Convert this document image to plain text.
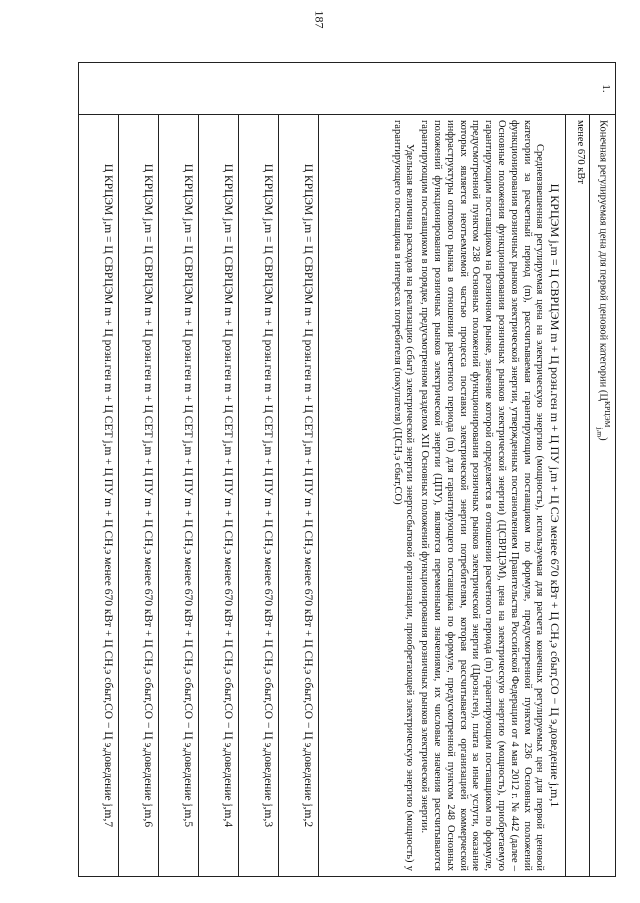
187
1.	Конечная регулируемая цена для первой ценовой категории $(Ц^{КРЦЭМ}_{j,m})$
менее 670 кВт

Ц КРЦЭМ j,m = Ц СВРЦЭМ m + Ц розн.ген m + Ц ПУ j,m + Ц СЭ менее 670 кВт + Ц СН,э сбыт,СО − Ц э,доведение j,m,1

Средневзвешенная регулируемая цена на электрическую энергию (мощность), используемая для расчета конечных регулируемых цен для первой ценовой категории за расчетный период (m), рассчитываемая гарантирующим поставщиком по формуле, предусмотренной пунктом 236 Основных положений функционирования розничных рынков электрической энергии, утвержденных постановлением Правительства Российской Федерации от 4 мая 2012 г. № 442 (далее – Основные положения функционирования розничных рынков электрической энергии) (ЦСВРЦЭМ), цена на электрическую энергию (мощность), приобретаемую гарантирующим поставщиком на розничном рынке, значение которой определяется в отношении расчетного периода (m) гарантирующим поставщиком по формуле, предусмотренной пунктом 238 Основных положений функционирования розничных рынков электрической энергии (Црозн.ген), плата за иные услуги, оказание которых является неотъемлемой частью процесса поставки электрической энергии потребителям, которая рассчитывается организацией коммерческой инфраструктуры оптового рынка в отношении расчетного периода (m) для гарантирующего поставщика по формуле, предусмотренной пунктом 248 Основных положений функционирования розничных рынков электрической энергии (ЦПУ), являются переменными значениями, их числовые значения рассчитываются гарантирующим поставщиком в порядке, предусмотренном разделом XII Основных положений функционирования розничных рынков электрической энергии.

Удельная величина расходов на реализацию (сбыт) электрической энергии энергосбытовой организации, приобретающей электрическую энергию (мощность) у гарантирующего поставщика в интересах потребителя (покупателя) (ЦСН,э сбыт,СО)

Ц КРЦЭМ j,m = Ц СВРЦЭМ m + Ц розн.ген m + Ц СЕТ j,m + Ц ПУ m + Ц СН,э менее 670 кВт + Ц СН,э сбыт,СО − Ц э,доведение j,m,2
Ц КРЦЭМ j,m = Ц СВРЦЭМ m + Ц розн.ген m + Ц СЕТ j,m + Ц ПУ m + Ц СН,э менее 670 кВт + Ц СН,э сбыт,СО − Ц э,доведение j,m,3
Ц КРЦЭМ j,m = Ц СВРЦЭМ m + Ц розн.ген m + Ц СЕТ j,m + Ц ПУ m + Ц СН,э менее 670 кВт + Ц СН,э сбыт,СО − Ц э,доведение j,m,4
Ц КРЦЭМ j,m = Ц СВРЦЭМ m + Ц розн.ген m + Ц СЕТ j,m + Ц ПУ m + Ц СН,э менее 670 кВт + Ц СН,э сбыт,СО − Ц э,доведение j,m,5
Ц КРЦЭМ j,m = Ц СВРЦЭМ m + Ц розн.ген m + Ц СЕТ j,m + Ц ПУ m + Ц СН,э менее 670 кВт + Ц СН,э сбыт,СО − Ц э,доведение j,m,6
Ц КРЦЭМ j,m = Ц СВРЦЭМ m + Ц розн.ген m + Ц СЕТ j,m + Ц ПУ m + Ц СН,э менее 670 кВт + Ц СН,э сбыт,СО − Ц э,доведение j,m,7
